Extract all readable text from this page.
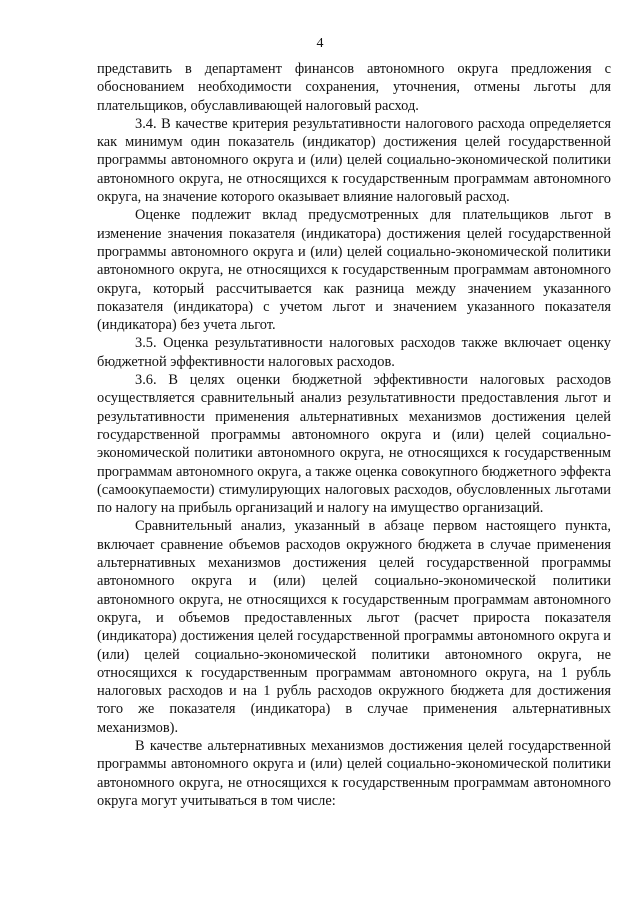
4

представить в департамент финансов автономного округа предложения с обоснованием необходимости сохранения, уточнения, отмены льготы для плательщиков, обуславливающей налоговый расход.

3.4. В качестве критерия результативности налогового расхода определяется как минимум один показатель (индикатор) достижения целей государственной программы автономного округа и (или) целей социально-экономической политики автономного округа, не относящихся к государственным программам автономного округа, на значение которого оказывает влияние налоговый расход.

Оценке подлежит вклад предусмотренных для плательщиков льгот в изменение значения показателя (индикатора) достижения целей государственной программы автономного округа и (или) целей социально-экономической политики автономного округа, не относящихся к государственным программам автономного округа, который рассчитывается как разница между значением указанного показателя (индикатора) с учетом льгот и значением указанного показателя (индикатора) без учета льгот.

3.5. Оценка результативности налоговых расходов также включает оценку бюджетной эффективности налоговых расходов.

3.6. В целях оценки бюджетной эффективности налоговых расходов осуществляется сравнительный анализ результативности предоставления льгот и результативности применения альтернативных механизмов достижения целей государственной программы автономного округа и (или) целей социально-экономической политики автономного округа, не относящихся к государственным программам автономного округа, а также оценка совокупного бюджетного эффекта (самоокупаемости) стимулирующих налоговых расходов, обусловленных льготами по налогу на прибыль организаций и налогу на имущество организаций.

Сравнительный анализ, указанный в абзаце первом настоящего пункта, включает сравнение объемов расходов окружного бюджета в случае применения альтернативных механизмов достижения целей государственной программы автономного округа и (или) целей социально-экономической политики автономного округа, не относящихся к государственным программам автономного округа, и объемов предоставленных льгот (расчет прироста показателя (индикатора) достижения целей государственной программы автономного округа и (или) целей социально-экономической политики автономного округа, не относящихся к государственным программам автономного округа, на 1 рубль налоговых расходов и на 1 рубль расходов окружного бюджета для достижения того же показателя (индикатора) в случае применения альтернативных механизмов).

В качестве альтернативных механизмов достижения целей государственной программы автономного округа и (или) целей социально-экономической политики автономного округа, не относящихся к государственным программам автономного округа могут учитываться в том числе:
